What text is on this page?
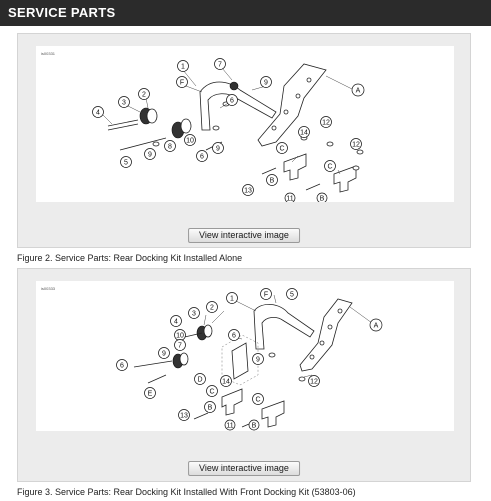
SERVICE PARTS
is00331
1	7
F	9
A
2
3	6
4
12
10
8
9
5
6
9
14
12
C
C
B
13
11	B
View interactive image
Figure 2. Service Parts: Rear Docking Kit Installed Alone
is00333
1
F	5
A
2
3
4
10	6
7
9
9
6
D
E
12
14
C
C
B
13
11	B
View interactive image
Figure 3. Service Parts: Rear Docking Kit Installed With Front Docking Kit (53803-06)
